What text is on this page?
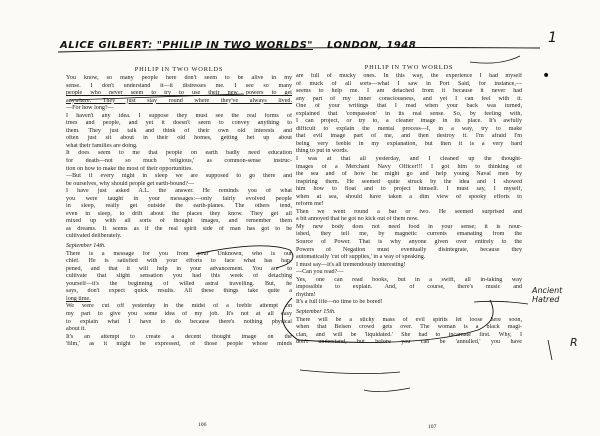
ALICE GILBERT: "PHILIP IN TWO WORLDS" LONDON, 1948	1
•
PHILIP IN TWO WORLDS
You know, so many people here don't seem to be alive in my
sense. I don't understand it—it distresses me. I see so many
people who never seem to try to use their new powers to get
anywhere. They just stay round where they've always lived.
—For how long?—
I haven't any idea. I suppose they must see the real forms of
trees and people, and yet it doesn't seem to convey anything to
them. They just talk and think of their own old interests and
often just sit about in their old homes, getting het up about
what their families are doing.
It does seem to me that people on earth badly need education
for death—not so much 'religious,' as common-sense instruc-
tion on how to make the most of their opportunities.
—But if every night in sleep we are supposed to go there and
be ourselves, why should people get earth-bound?—
I have just asked A.L. the answer. He reminds you of what
you were taught in your messages:—only fairly evolved people
in sleep, really get outside the earth-planes. The others tend,
even in sleep, to drift about the places they know. They get all
mixed up with all sorts of thought images, and remember them
as dreams. It seems as if the real spirit side of man has got to be
cultivated deliberately.
September 14th.
There is a message for you from your Unknown, who is our
chief. He is satisfied with your efforts to face what has hap-
pened, and that it will help in your advancement. You are to
cultivate that slight sensation you had this week of detaching
yourself—it's the beginning of willed astral travelling. But, he
says, don't expect quick results. All these things take quite a
long time.
We were cut off yesterday in the midst of a feeble attempt on
my part to give you some idea of my job. It's not at all easy
to explain what I have to do because there's nothing physical
about it.
It's an attempt to create a decent thought image on the
'film,' as it might be expressed, of those people whose minds
106
PHILIP IN TWO WORLDS
are full of mucky ones. In this way, the experience I had myself
of muck of all sorts—what I saw in Port Said, for instance,—
seems to help me. I am detached from it because it never had
any part of my inner consciousness, and yet I can feel with it.
One of your writings that I read when your back was turned,
explained that 'compassion' in its real sense. So, by feeling with,
I can project, or try to, a cleaner image in its place. It's awfully
difficult to explain the mental process—I, in a way, try to make
that evil image part of me, and then destroy it. I'm afraid I'm
being very feeble in my explanation, but then it is a very hard
thing to put in words.
I was at that all yesterday, and I cleaned up the thought-
images of a Merchant Navy Officer!!! I got him to thinking of
the sea and of how he might go and help young Naval men by
inspiring them. He seemed quite struck by the idea and I showed
him how to float and to project himself. I must say, I myself,
when at sea, should have taken a dim view of spooky efforts to
reform me!
Then we went round a bar or two. He seemed surprised and
a bit annoyed that he got no kick out of them now.
My new body does not need food in your sense; it is nour-
ished, they tell me, by magnetic currents emanating from the
Source of Power. That is why anyone given over entirely to the
Powers of Negation must eventually disintegrate, because they
automatically 'cut off supplies,' in a way of speaking.
I must say—it's all tremendously interesting!
—Can you read?—
Yes, one can read books, but in a swift, all in-taking way
impossible to explain. And, of course, there's music and
rhythm!
It's a full life—no time to be bored!
September 15th.
There will be a sticky mass of evil spirits let loose here soon,
when that Belsen crowd gets over. The woman is a black magi-
cian, and will be 'liquidated.' She had to incarnate first. Why, I
don't understand, but before you can be 'annulled,' you have
107
Ancient Hatred
R
